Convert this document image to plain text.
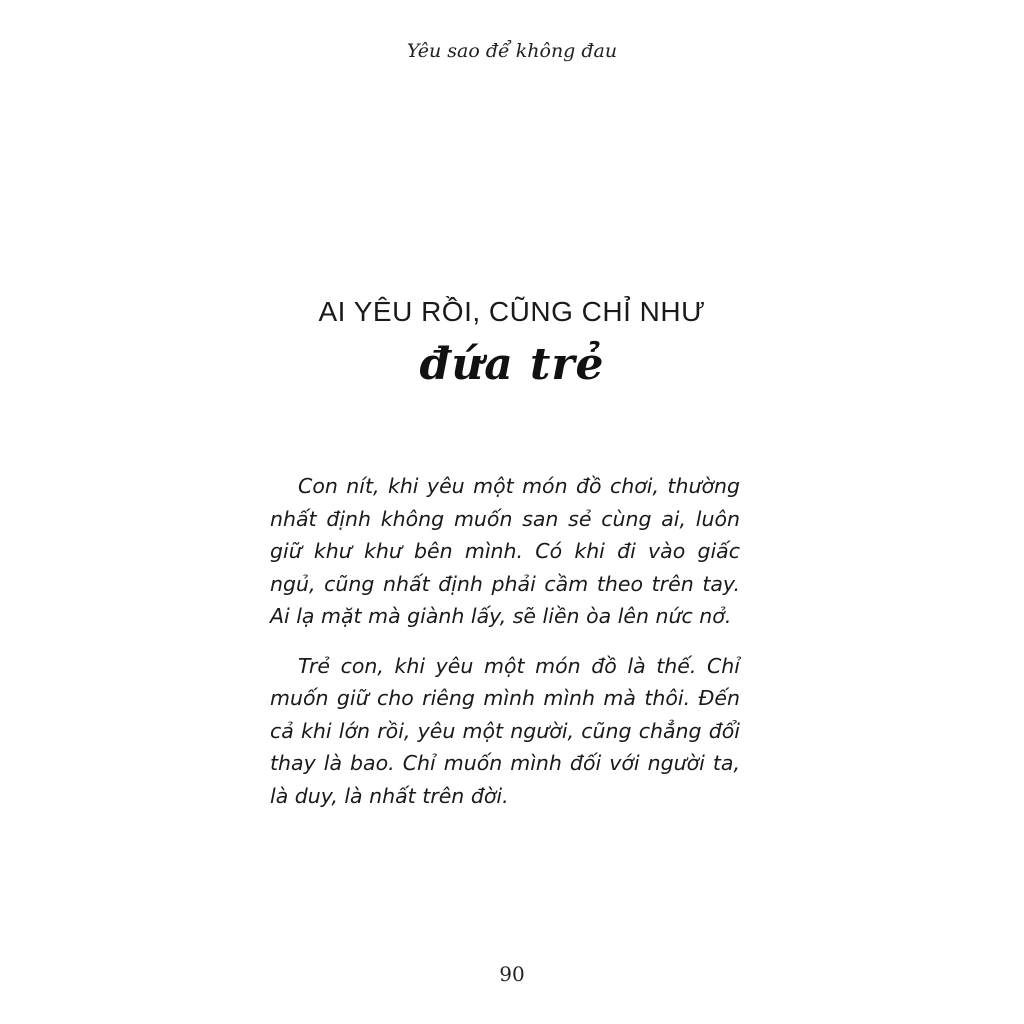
Yêu sao để không đau
AI YÊU RỒI, CŨNG CHỈ NHƯ
đứa trẻ

Con nít, khi yêu một món đồ chơi, thường nhất định không muốn san sẻ cùng ai, luôn giữ khư khư bên mình. Có khi đi vào giấc ngủ, cũng nhất định phải cầm theo trên tay. Ai lạ mặt mà giành lấy, sẽ liền òa lên nức nở.

Trẻ con, khi yêu một món đồ là thế. Chỉ muốn giữ cho riêng mình mình mà thôi. Đến cả khi lớn rồi, yêu một người, cũng chẳng đổi thay là bao. Chỉ muốn mình đối với người ta, là duy, là nhất trên đời.

90
